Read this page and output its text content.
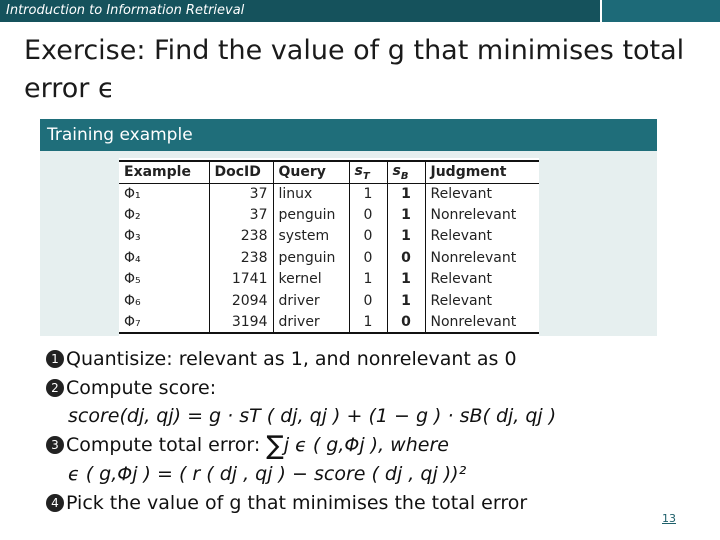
Introduction to Information Retrieval
Exercise: Find the value of g that minimises total error ϵ
Training example
Example	DocID	Query	$s_T$	$s_B$	Judgment
Φ₁	37	linux	1	1	Relevant
Φ₂	37	penguin	0	1	Nonrelevant
Φ₃	238	system	0	1	Relevant
Φ₄	238	penguin	0	0	Nonrelevant
Φ₅	1741	kernel	1	1	Relevant
Φ₆	2094	driver	0	1	Relevant
Φ₇	3194	driver	1	0	Nonrelevant
1 Quantisize: relevant as 1, and nonrelevant as 0
2 Compute score:
score(dj, qj) = g · sT ( dj, qj ) + (1 − g ) · sB( dj, qj )
3 Compute total error: ∑j ϵ ( g,Φj ), where
ϵ ( g,Φj ) = ( r ( dj , qj ) − score ( dj , qj ))²
4 Pick the value of g that minimises the total error
13
